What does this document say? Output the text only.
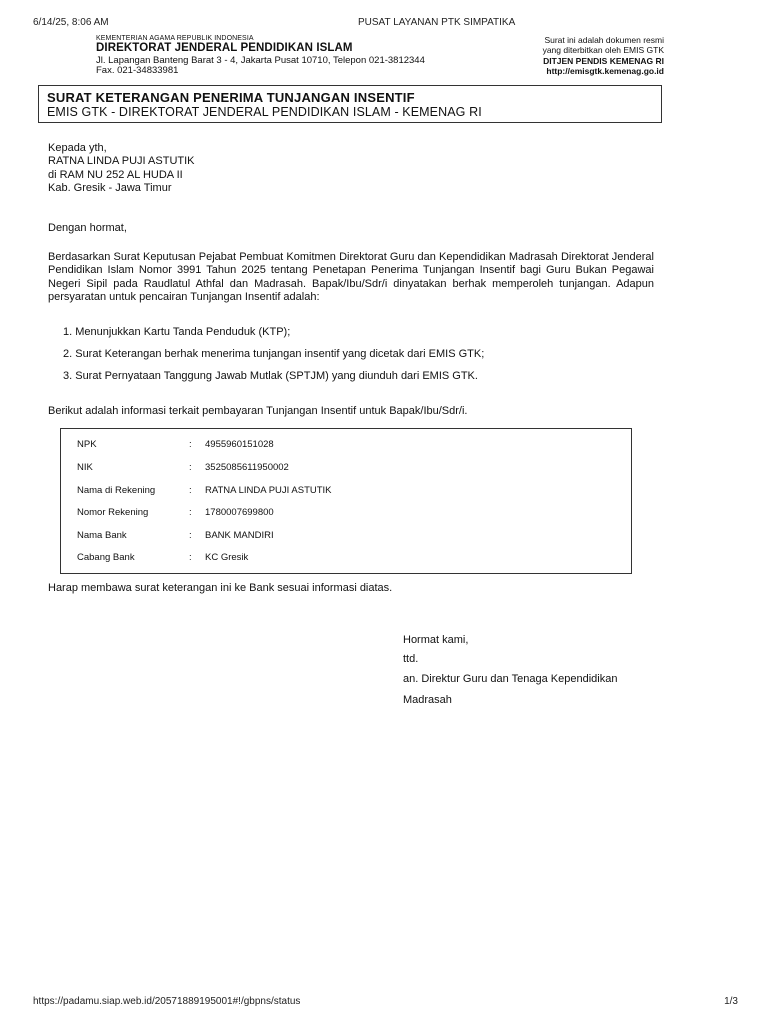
6/14/25, 8:06 AM	PUSAT LAYANAN PTK SIMPATIKA
KEMENTERIAN AGAMA REPUBLIK INDONESIA
DIREKTORAT JENDERAL PENDIDIKAN ISLAM
Jl. Lapangan Banteng Barat 3 - 4, Jakarta Pusat 10710, Telepon 021-3812344
Fax. 021-34833981
Surat ini adalah dokumen resmi
yang diterbitkan oleh EMIS GTK
DITJEN PENDIS KEMENAG RI
http://emisgtk.kemenag.go.id
SURAT KETERANGAN PENERIMA TUNJANGAN INSENTIF
EMIS GTK - DIREKTORAT JENDERAL PENDIDIKAN ISLAM - KEMENAG RI
Kepada yth,
RATNA LINDA PUJI ASTUTIK
di RAM NU 252 AL HUDA II
Kab. Gresik - Jawa Timur
Dengan hormat,
Berdasarkan Surat Keputusan Pejabat Pembuat Komitmen Direktorat Guru dan Kependidikan Madrasah Direktorat Jenderal Pendidikan Islam Nomor 3991 Tahun 2025 tentang Penetapan Penerima Tunjangan Insentif bagi Guru Bukan Pegawai Negeri Sipil pada Raudlatul Athfal dan Madrasah. Bapak/Ibu/Sdr/i dinyatakan berhak memperoleh tunjangan. Adapun persyaratan untuk pencairan Tunjangan Insentif adalah:
1. Menunjukkan Kartu Tanda Penduduk (KTP);
2. Surat Keterangan berhak menerima tunjangan insentif yang dicetak dari EMIS GTK;
3. Surat Pernyataan Tanggung Jawab Mutlak (SPTJM) yang diunduh dari EMIS GTK.
Berikut adalah informasi terkait pembayaran Tunjangan Insentif untuk Bapak/Ibu/Sdr/i.
NPK	: 4955960151028
NIK	: 3525085611950002
Nama di Rekening	: RATNA LINDA PUJI ASTUTIK
Nomor Rekening	: 1780007699800
Nama Bank	: BANK MANDIRI
Cabang Bank	: KC Gresik
Harap membawa surat keterangan ini ke Bank sesuai informasi diatas.
Hormat kami,
ttd.
an. Direktur Guru dan Tenaga Kependidikan
Madrasah
https://padamu.siap.web.id/20571889195001#!/gbpns/status	1/3
